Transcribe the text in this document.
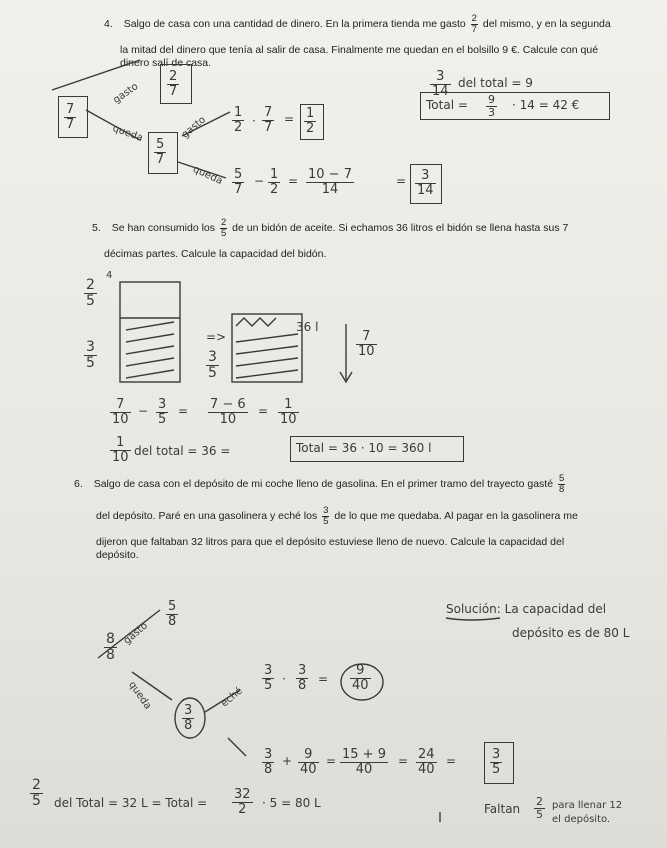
4. Salgo de casa con una cantidad de dinero. En la primera tienda me gasto $\frac{2}{7}$ del mismo, y en la segunda
la mitad del dinero que tenía al salir de casa. Finalmente me quedan en el bolsillo 9 €. Calcule con qué
dinero salí de casa.
gasto
2
7
7
7	queda
5
7
gasto
1
2 ·
7
7
= 1
2
queda 5
7
− 1
2
= 10 − 7
14
=	3
14
3
14
del total = 9
Total = 9
3
· 14 = 42 €
5. Se han consumido los $\frac{2}{5}$ de un bidón de aceite. Si echamos 36 litros el bidón se llena hasta sus 7
décimas partes. Calcule la capacidad del bidón.
2
5
4
3
5
=>
3
5
36 l
7
10
7
10
− 3
5
= 7 − 6
10
=	1
10
1
10 del total = 36 =	Total = 36 · 10 = 360 l
6. Salgo de casa con el depósito de mi coche lleno de gasolina. En el primer tramo del trayecto gasté $\frac{5}{8}$
del depósito. Paré en una gasolinera y eché los $\frac{3}{5}$ de lo que me quedaba. Al pagar en la gasolinera me
dijeron que faltaban 32 litros para que el depósito estuviese lleno de nuevo. Calcule la capacidad del
depósito.
gasto
5
8
8
8
queda	eché
3
8
3
5 ·
3
8 =
9
40
3
8
+ 9
40
= 15 + 9
40
= 24
40
=	3
5
2
5 del Total = 32 L = Total =
32
2	· 5 = 80 L	Faltan
2
5
para llenar 12
el depósito.
Solución: La capacidad del
depósito es de 80 L
